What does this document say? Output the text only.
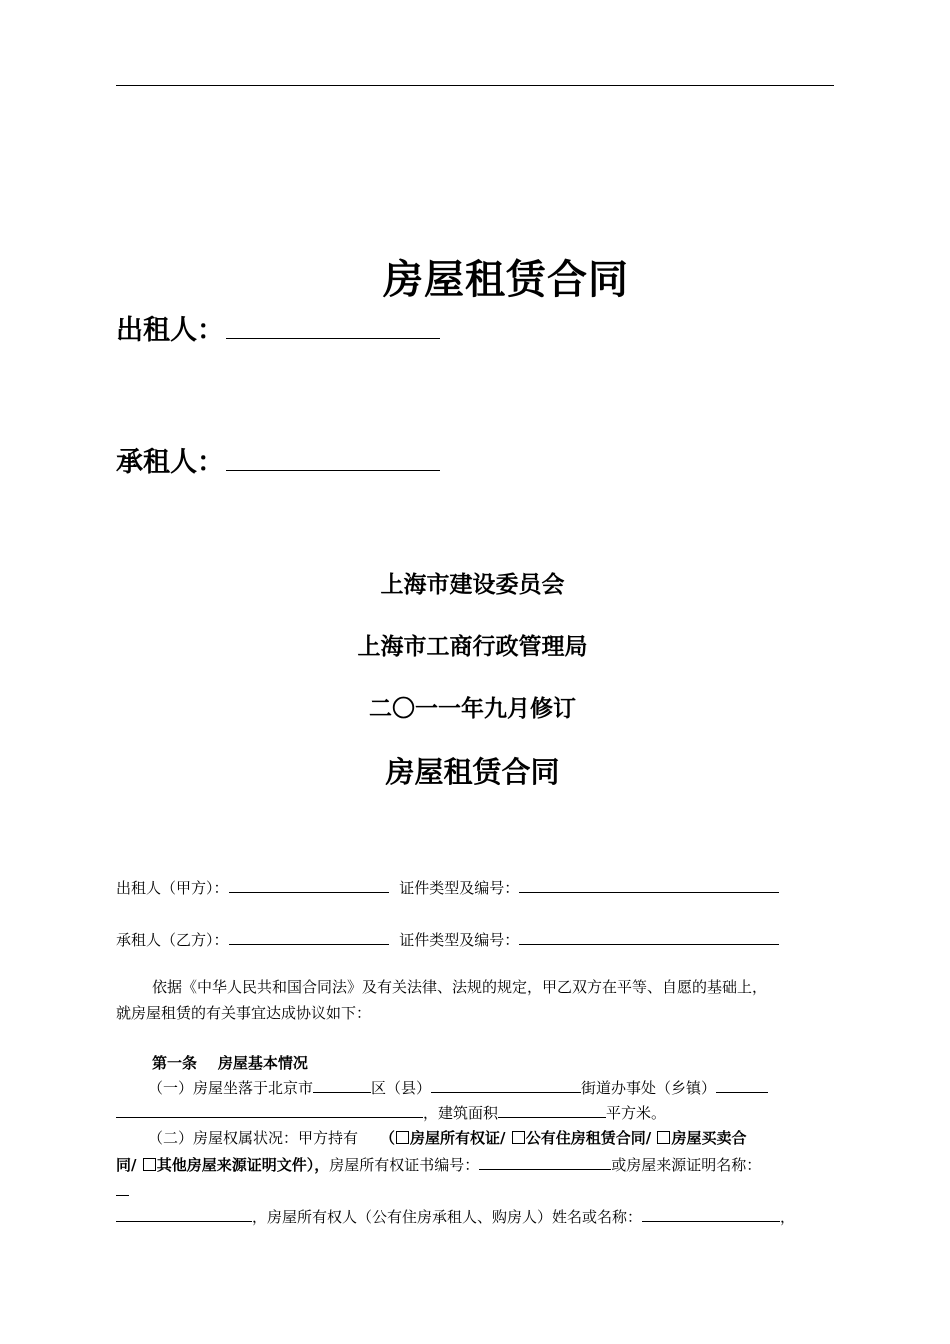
房屋租赁合同
出租人：
承租人：
上海市建设委员会
上海市工商行政管理局
二〇一一年九月修订
房屋租赁合同
出租人（甲方）：	证件类型及编号：
承租人（乙方）：	证件类型及编号：
依据《中华人民共和国合同法》及有关法律、法规的规定，甲乙双方在平等、自愿的基础上，
就房屋租赁的有关事宜达成协议如下：
第一条    房屋基本情况
（一）房屋坐落于北京市	区（县）	街道办事处（乡镇）
，建筑面积	平方米。
（二）房屋权属状况：甲方持有 （ 房屋所有权证/ 公有住房租赁合同/ 房屋买卖合
同/ 其他房屋来源证明文件），房屋所有权证书编号：	或房屋来源证明名称：
，房屋所有权人（公有住房承租人、购房人）姓名或名称：	，
